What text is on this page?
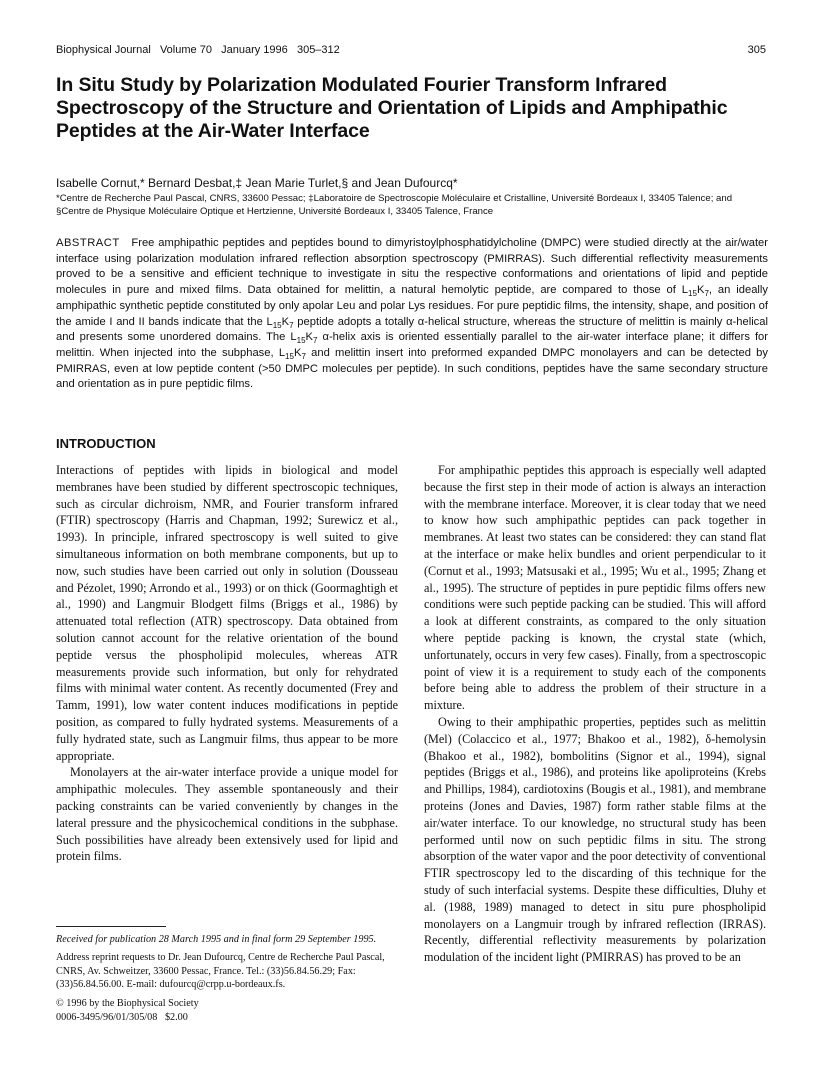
Biophysical Journal Volume 70 January 1996 305–312	305
In Situ Study by Polarization Modulated Fourier Transform Infrared Spectroscopy of the Structure and Orientation of Lipids and Amphipathic Peptides at the Air-Water Interface
Isabelle Cornut,* Bernard Desbat,‡ Jean Marie Turlet,§ and Jean Dufourcq*
*Centre de Recherche Paul Pascal, CNRS, 33600 Pessac; ‡Laboratoire de Spectroscopie Moléculaire et Cristalline, Université Bordeaux I, 33405 Talence; and §Centre de Physique Moléculaire Optique et Hertzienne, Université Bordeaux I, 33405 Talence, France

ABSTRACT Free amphipathic peptides and peptides bound to dimyristoylphosphatidylcholine (DMPC) were studied directly at the air/water interface using polarization modulation infrared reflection absorption spectroscopy (PMIRRAS). Such differential reflectivity measurements proved to be a sensitive and efficient technique to investigate in situ the respective conformations and orientations of lipid and peptide molecules in pure and mixed films. Data obtained for melittin, a natural hemolytic peptide, are compared to those of $L_{15}K_7$, an ideally amphipathic synthetic peptide constituted by only apolar Leu and polar Lys residues. For pure peptidic films, the intensity, shape, and position of the amide I and II bands indicate that the $L_{15}K_7$ peptide adopts a totally α-helical structure, whereas the structure of melittin is mainly α-helical and presents some unordered domains. The $L_{15}K_7$ α-helix axis is oriented essentially parallel to the air-water interface plane; it differs for melittin. When injected into the subphase, $L_{15}K_7$ and melittin insert into preformed expanded DMPC monolayers and can be detected by PMIRRAS, even at low peptide content (>50 DMPC molecules per peptide). In such conditions, peptides have the same secondary structure and orientation as in pure peptidic films.

INTRODUCTION

Interactions of peptides with lipids in biological and model membranes have been studied by different spectroscopic techniques, such as circular dichroism, NMR, and Fourier transform infrared (FTIR) spectroscopy (Harris and Chapman, 1992; Surewicz et al., 1993). In principle, infrared spectroscopy is well suited to give simultaneous information on both membrane components, but up to now, such studies have been carried out only in solution (Dousseau and Pézolet, 1990; Arrondo et al., 1993) or on thick (Goormaghtigh et al., 1990) and Langmuir Blodgett films (Briggs et al., 1986) by attenuated total reflection (ATR) spectroscopy. Data obtained from solution cannot account for the relative orientation of the bound peptide versus the phospholipid molecules, whereas ATR measurements provide such information, but only for rehydrated films with minimal water content. As recently documented (Frey and Tamm, 1991), low water content induces modifications in peptide position, as compared to fully hydrated systems. Measurements of a fully hydrated state, such as Langmuir films, thus appear to be more appropriate.

Monolayers at the air-water interface provide a unique model for amphipathic molecules. They assemble spontaneously and their packing constraints can be varied conveniently by changes in the lateral pressure and the physicochemical conditions in the subphase. Such possibilities have already been extensively used for lipid and protein films.

For amphipathic peptides this approach is especially well adapted because the first step in their mode of action is always an interaction with the membrane interface. Moreover, it is clear today that we need to know how such amphipathic peptides can pack together in membranes. At least two states can be considered: they can stand flat at the interface or make helix bundles and orient perpendicular to it (Cornut et al., 1993; Matsusaki et al., 1995; Wu et al., 1995; Zhang et al., 1995). The structure of peptides in pure peptidic films offers new conditions were such peptide packing can be studied. This will afford a look at different constraints, as compared to the only situation where peptide packing is known, the crystal state (which, unfortunately, occurs in very few cases). Finally, from a spectroscopic point of view it is a requirement to study each of the components before being able to address the problem of their structure in a mixture.

Owing to their amphipathic properties, peptides such as melittin (Mel) (Colaccico et al., 1977; Bhakoo et al., 1982), δ-hemolysin (Bhakoo et al., 1982), bombolitins (Signor et al., 1994), signal peptides (Briggs et al., 1986), and proteins like apoliproteins (Krebs and Phillips, 1984), cardiotoxins (Bougis et al., 1981), and membrane proteins (Jones and Davies, 1987) form rather stable films at the air/water interface. To our knowledge, no structural study has been performed until now on such peptidic films in situ. The strong absorption of the water vapor and the poor detectivity of conventional FTIR spectroscopy led to the discarding of this technique for the study of such interfacial systems. Despite these difficulties, Dluhy et al. (1988, 1989) managed to detect in situ pure phospholipid monolayers on a Langmuir trough by infrared reflection (IRRAS). Recently, differential reflectivity measurements by polarization modulation of the incident light (PMIRRAS) has proved to be an

Received for publication 28 March 1995 and in final form 29 September 1995.
Address reprint requests to Dr. Jean Dufourcq, Centre de Recherche Paul Pascal, CNRS, Av. Schweitzer, 33600 Pessac, France. Tel.: (33)56.84.56.29; Fax: (33)56.84.56.00. E-mail: dufourcq@crpp.u-bordeaux.fs.
© 1996 by the Biophysical Society
0006-3495/96/01/305/08   $2.00
